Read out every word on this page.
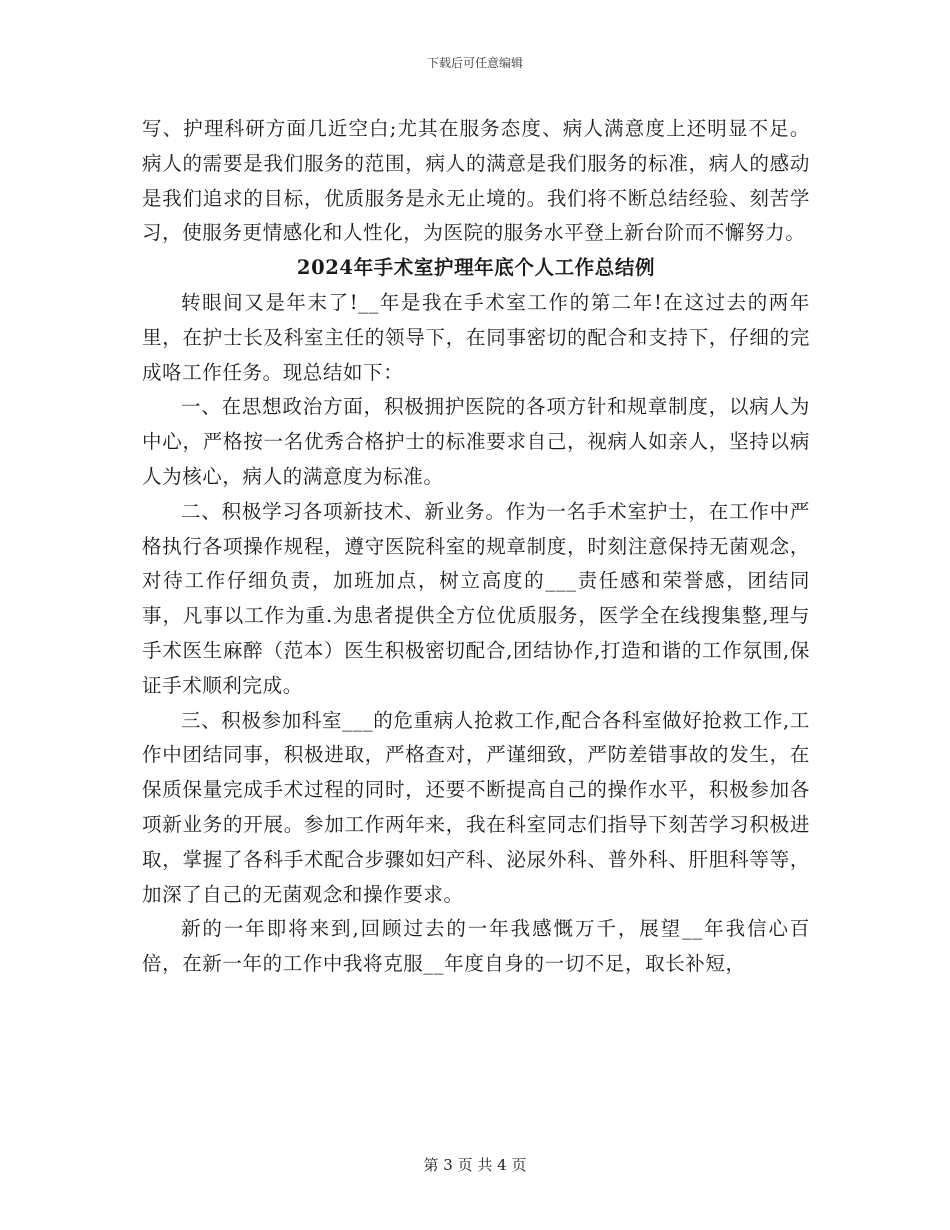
下载后可任意编辑

写、护理科研方面几近空白;尤其在服务态度、病人满意度上还明显不足。病人的需要是我们服务的范围，病人的满意是我们服务的标准，病人的感动是我们追求的目标，优质服务是永无止境的。我们将不断总结经验、刻苦学习，使服务更情感化和人性化，为医院的服务水平登上新台阶而不懈努力。

2024年手术室护理年底个人工作总结例

转眼间又是年末了!__年是我在手术室工作的第二年!在这过去的两年里，在护士长及科室主任的领导下，在同事密切的配合和支持下，仔细的完成咯工作任务。现总结如下：

一、在思想政治方面，积极拥护医院的各项方针和规章制度，以病人为中心，严格按一名优秀合格护士的标准要求自己，视病人如亲人，坚持以病人为核心，病人的满意度为标准。

二、积极学习各项新技术、新业务。作为一名手术室护士，在工作中严格执行各项操作规程，遵守医院科室的规章制度，时刻注意保持无菌观念，对待工作仔细负责，加班加点，树立高度的___责任感和荣誉感，团结同事，凡事以工作为重.为患者提供全方位优质服务，医学全在线搜集整,理与手术医生麻醉（范本）医生积极密切配合,团结协作,打造和谐的工作氛围,保证手术顺利完成。

三、积极参加科室___的危重病人抢救工作,配合各科室做好抢救工作,工作中团结同事，积极进取，严格查对，严谨细致，严防差错事故的发生，在保质保量完成手术过程的同时，还要不断提高自己的操作水平，积极参加各项新业务的开展。参加工作两年来，我在科室同志们指导下刻苦学习积极进取，掌握了各科手术配合步骤如妇产科、泌尿外科、普外科、肝胆科等等，加深了自己的无菌观念和操作要求。

新的一年即将来到,回顾过去的一年我感慨万千，展望__年我信心百倍，在新一年的工作中我将克服__年度自身的一切不足，取长补短，

第 3 页 共 4 页
